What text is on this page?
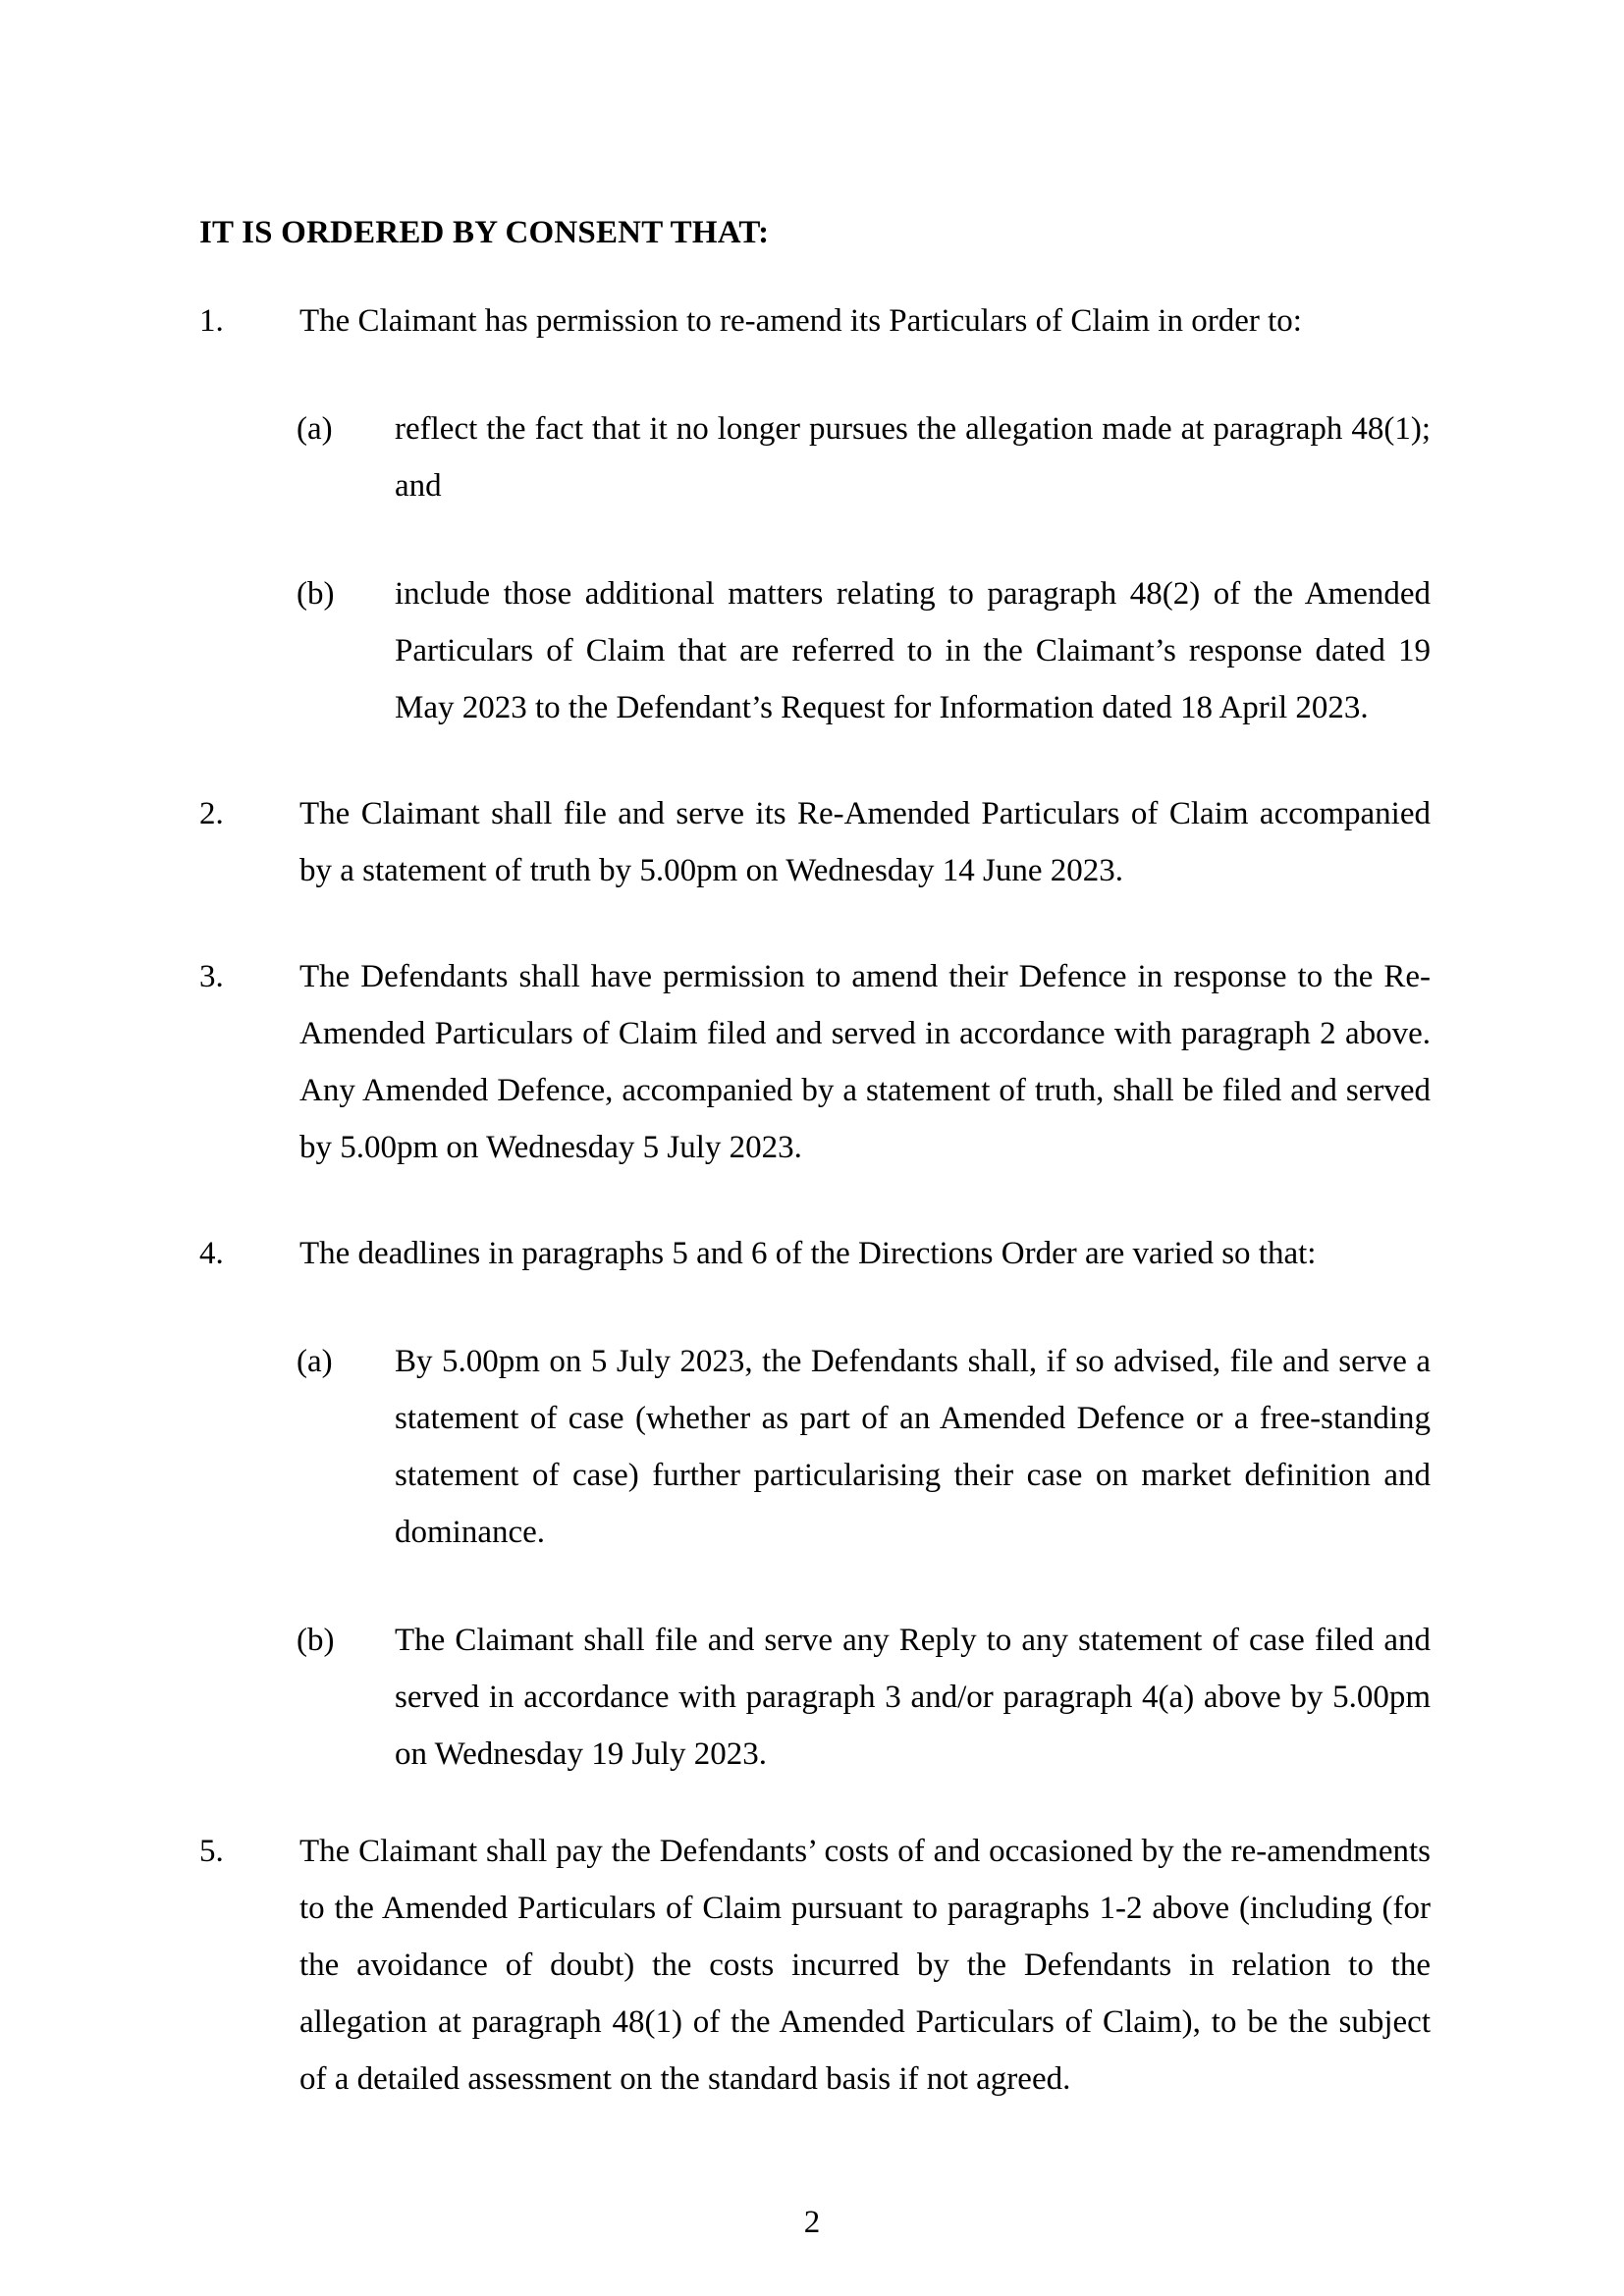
IT IS ORDERED BY CONSENT THAT:
1.	The Claimant has permission to re-amend its Particulars of Claim in order to:
(a)	reflect the fact that it no longer pursues the allegation made at paragraph 48(1); and
(b)	include those additional matters relating to paragraph 48(2) of the Amended Particulars of Claim that are referred to in the Claimant’s response dated 19 May 2023 to the Defendant’s Request for Information dated 18 April 2023.
2.	The Claimant shall file and serve its Re-Amended Particulars of Claim accompanied by a statement of truth by 5.00pm on Wednesday 14 June 2023.
3.	The Defendants shall have permission to amend their Defence in response to the Re-Amended Particulars of Claim filed and served in accordance with paragraph 2 above. Any Amended Defence, accompanied by a statement of truth, shall be filed and served by 5.00pm on Wednesday 5 July 2023.
4.	The deadlines in paragraphs 5 and 6 of the Directions Order are varied so that:
(a)	By 5.00pm on 5 July 2023, the Defendants shall, if so advised, file and serve a statement of case (whether as part of an Amended Defence or a free-standing statement of case) further particularising their case on market definition and dominance.
(b)	The Claimant shall file and serve any Reply to any statement of case filed and served in accordance with paragraph 3 and/or paragraph 4(a) above by 5.00pm on Wednesday 19 July 2023.
5.	The Claimant shall pay the Defendants’ costs of and occasioned by the re-amendments to the Amended Particulars of Claim pursuant to paragraphs 1-2 above (including (for the avoidance of doubt) the costs incurred by the Defendants in relation to the allegation at paragraph 48(1) of the Amended Particulars of Claim), to be the subject of a detailed assessment on the standard basis if not agreed.
2
